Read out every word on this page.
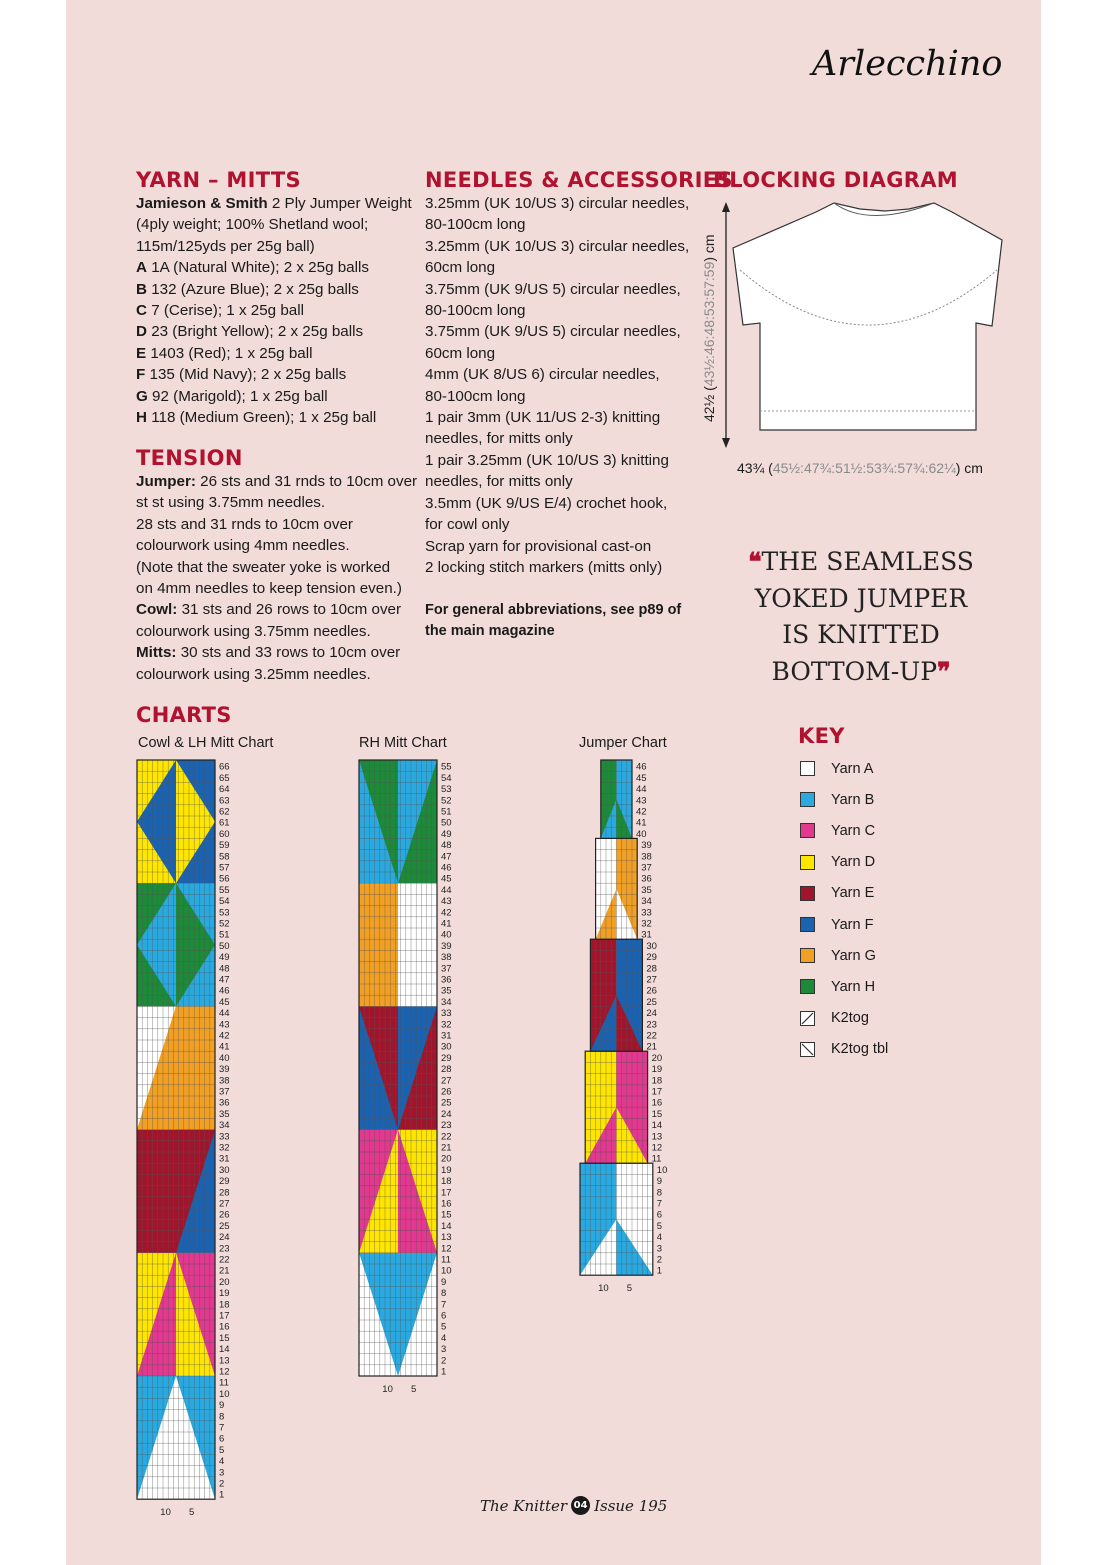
Arlecchino
YARN – MITTS
Jamieson & Smith 2 Ply Jumper Weight
(4ply weight; 100% Shetland wool;
115m/125yds per 25g ball)
A 1A (Natural White); 2 x 25g balls
B 132 (Azure Blue); 2 x 25g balls
C 7 (Cerise); 1 x 25g ball
D 23 (Bright Yellow); 2 x 25g balls
E 1403 (Red); 1 x 25g ball
F 135 (Mid Navy); 2 x 25g balls
G 92 (Marigold); 1 x 25g ball
H 118 (Medium Green); 1 x 25g ball
TENSION
Jumper: 26 sts and 31 rnds to 10cm over
st st using 3.75mm needles.
28 sts and 31 rnds to 10cm over
colourwork using 4mm needles.
(Note that the sweater yoke is worked
on 4mm needles to keep tension even.)
Cowl: 31 sts and 26 rows to 10cm over
colourwork using 3.75mm needles.
Mitts: 30 sts and 33 rows to 10cm over
colourwork using 3.25mm needles.
NEEDLES & ACCESSORIES
3.25mm (UK 10/US 3) circular needles,
80-100cm long
3.25mm (UK 10/US 3) circular needles,
60cm long
3.75mm (UK 9/US 5) circular needles,
80-100cm long
3.75mm (UK 9/US 5) circular needles,
60cm long
4mm (UK 8/US 6) circular needles,
80-100cm long
1 pair 3mm (UK 11/US 2-3) knitting
needles, for mitts only
1 pair 3.25mm (UK 10/US 3) knitting
needles, for mitts only
3.5mm (UK 9/US E/4) crochet hook,
for cowl only
Scrap yarn for provisional cast-on
2 locking stitch markers (mitts only)
For general abbreviations, see p89 of
the main magazine
BLOCKING DIAGRAM
42½ (43½:46:48:53:57:59) cm
43¾ (45½:47¾:51½:53¾:57¾:62¼) cm
❝THE SEAMLESS
YOKED JUMPER
IS KNITTED
BOTTOM-UP❞
CHARTS
Cowl & LH Mitt Chart	RH Mitt Chart	Jumper Chart
1
2
3
4
5
6
7
8
9
10
11
12
13
14
15
16
17
18
19
20
21
22
23
24
25
26
27
28
29
30
31
32
33
34
35
36
37
38
39
40
41
42
43
44
45
46
47
48
49
50
51
52
53
54
55
56
57
58
59
60
61
62
63
64
65
66
10 5
1
2
3
4
5
6
7
8
9
10
11
12
13
14
15
16
17
18
19
20
21
22
23
24
25
26
27
28
29
30
31
32
33
34
35
36
37
38
39
40
41
42
43
44
45
46
47
48
49
50
51
52
53
54
55
10 5
1
2
3
4
5
6
7
8
9
10
11
12
13
14
15
16
17
18
19
20
21
22
23
24
25
26
27
28
29
30
31
32
33
34
35
36
37
38
39
40
41
42
43
44
45
46
10 5
KEY
Yarn A
Yarn B
Yarn C
Yarn D
Yarn E
Yarn F
Yarn G
Yarn H
K2tog
K2tog tbl
The Knitter 04 Issue 195
